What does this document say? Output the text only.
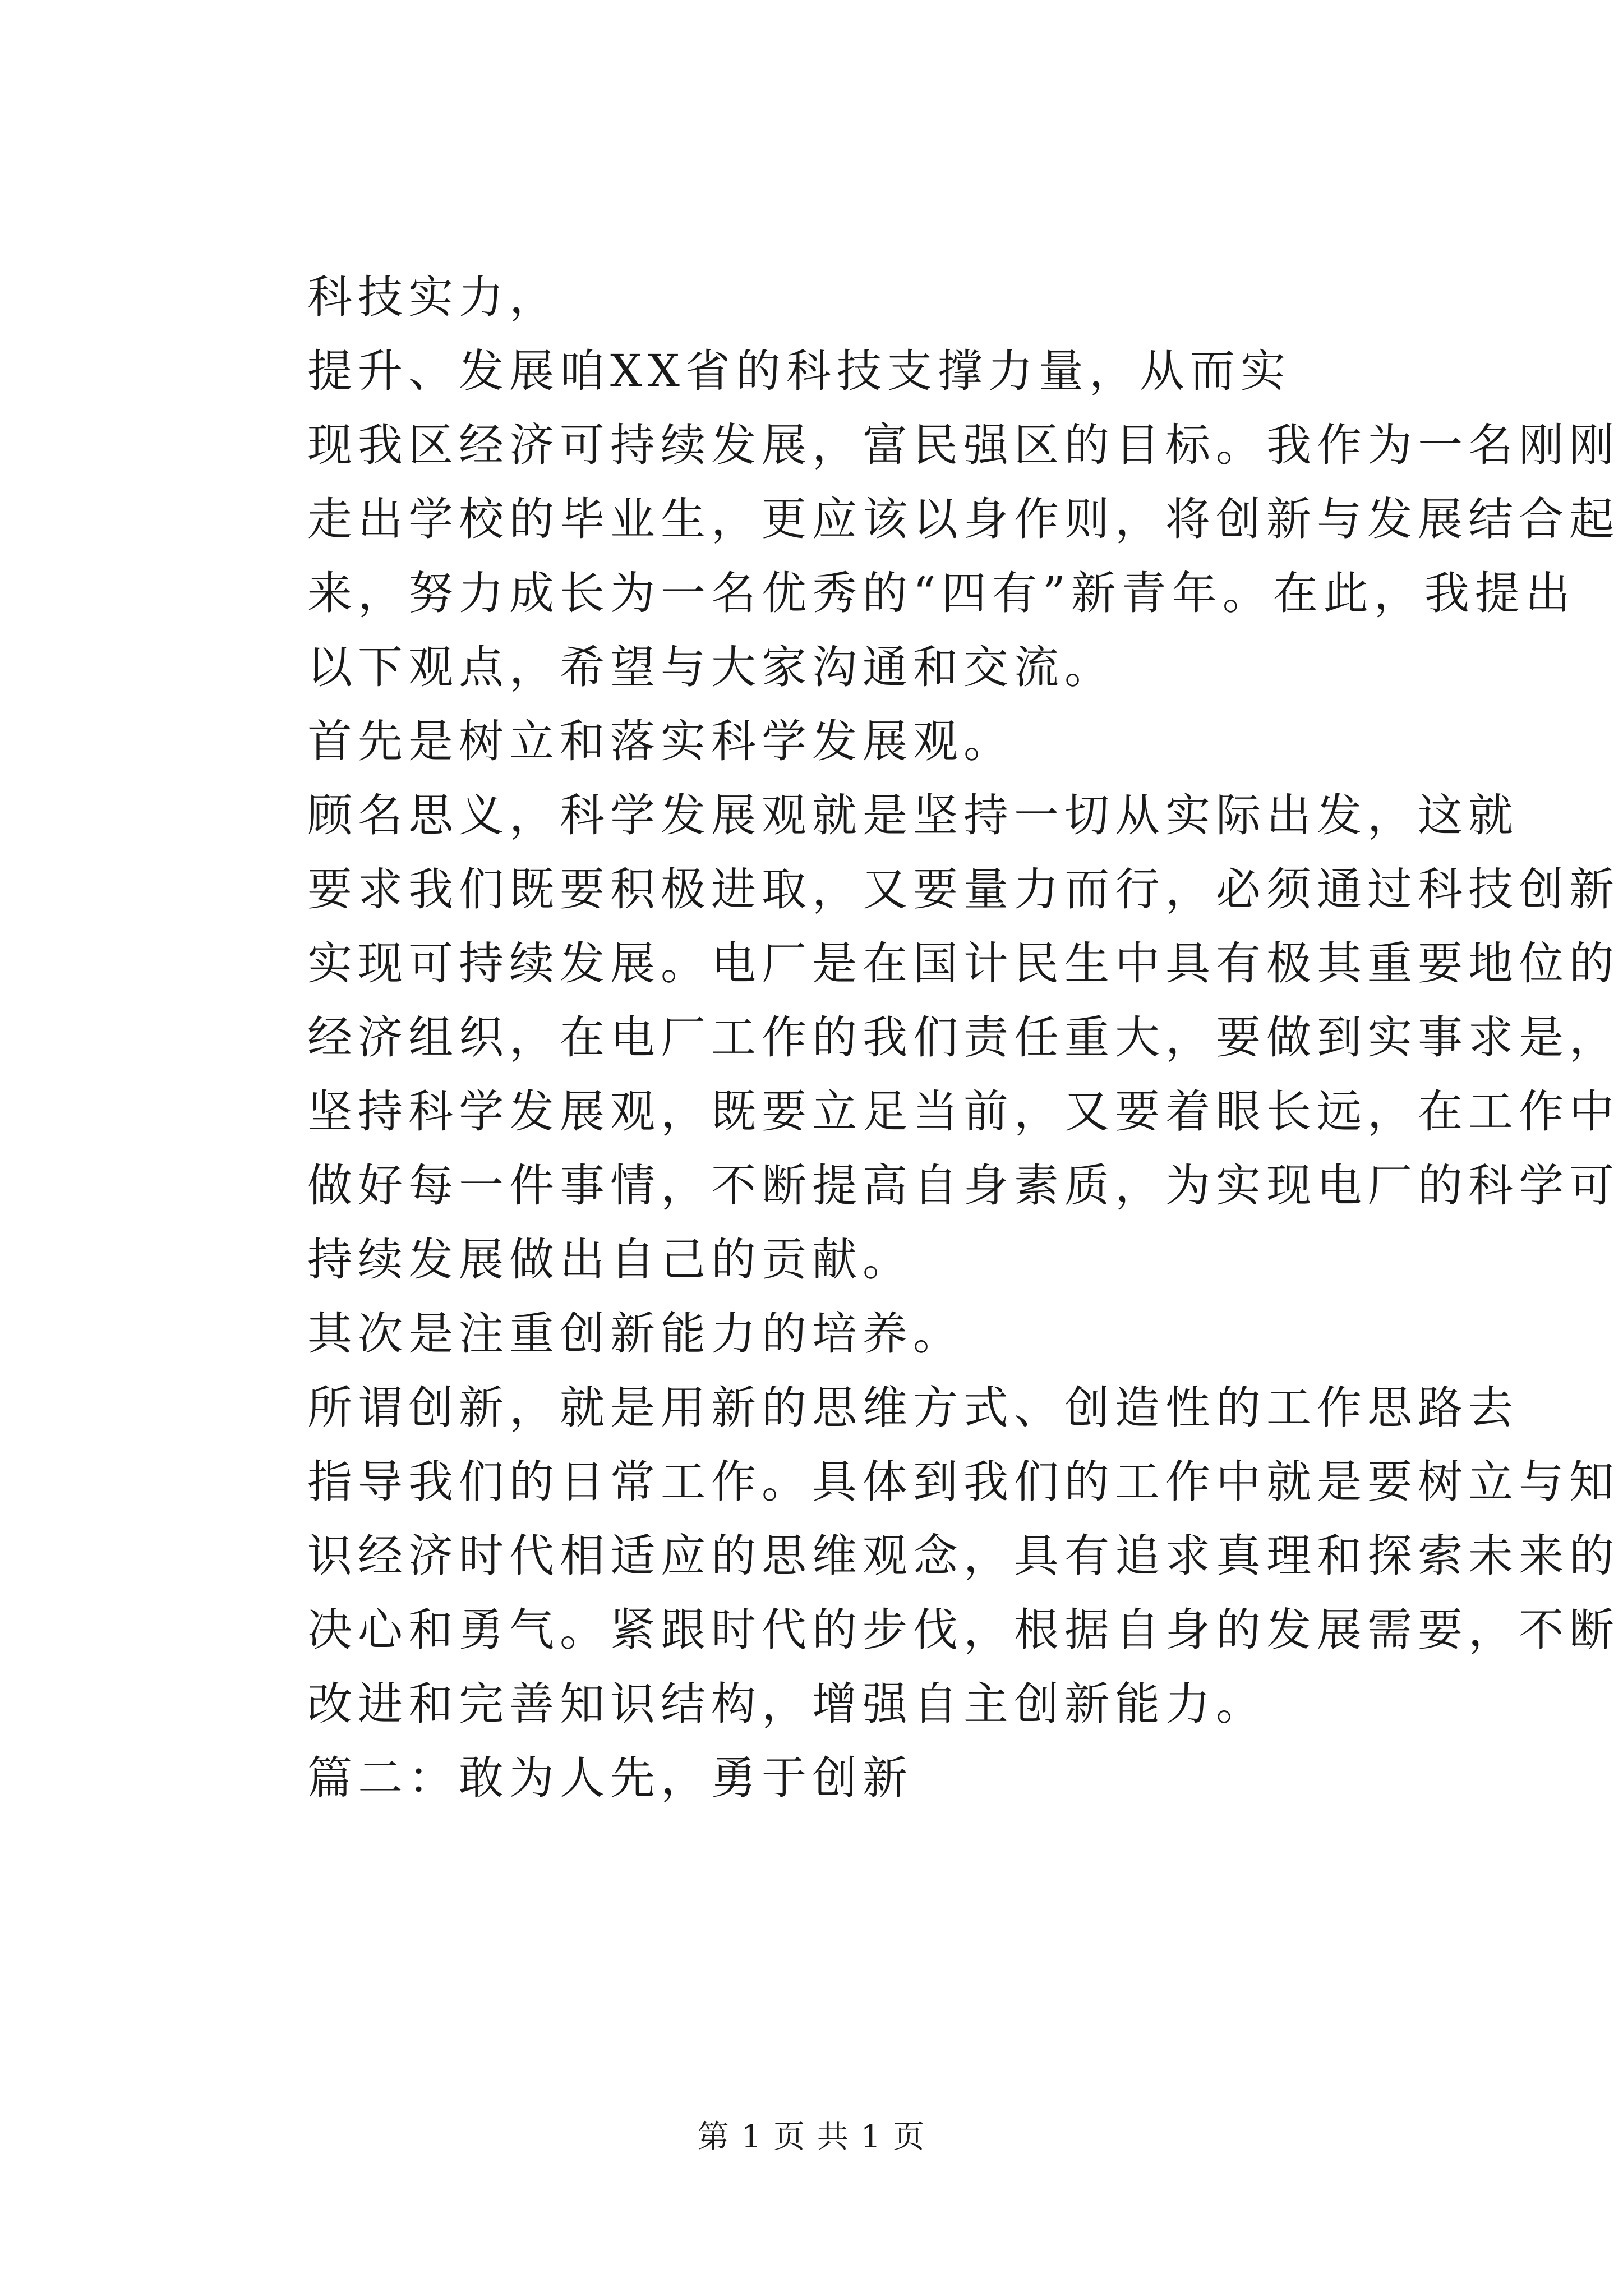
科技实力，
提升、发展咱XX省的科技支撑力量，从而实
现我区经济可持续发展，富民强区的目标。我作为一名刚刚
走出学校的毕业生，更应该以身作则，将创新与发展结合起
来，努力成长为一名优秀的“四有”新青年。在此，我提出
以下观点，希望与大家沟通和交流。
首先是树立和落实科学发展观。
顾名思义，科学发展观就是坚持一切从实际出发，这就
要求我们既要积极进取，又要量力而行，必须通过科技创新
实现可持续发展。电厂是在国计民生中具有极其重要地位的
经济组织，在电厂工作的我们责任重大，要做到实事求是，
坚持科学发展观，既要立足当前，又要着眼长远，在工作中
做好每一件事情，不断提高自身素质，为实现电厂的科学可
持续发展做出自己的贡献。
其次是注重创新能力的培养。
所谓创新，就是用新的思维方式、创造性的工作思路去
指导我们的日常工作。具体到我们的工作中就是要树立与知
识经济时代相适应的思维观念，具有追求真理和探索未来的
决心和勇气。紧跟时代的步伐，根据自身的发展需要，不断
改进和完善知识结构，增强自主创新能力。
篇二：敢为人先，勇于创新
第 1 页 共 1 页
